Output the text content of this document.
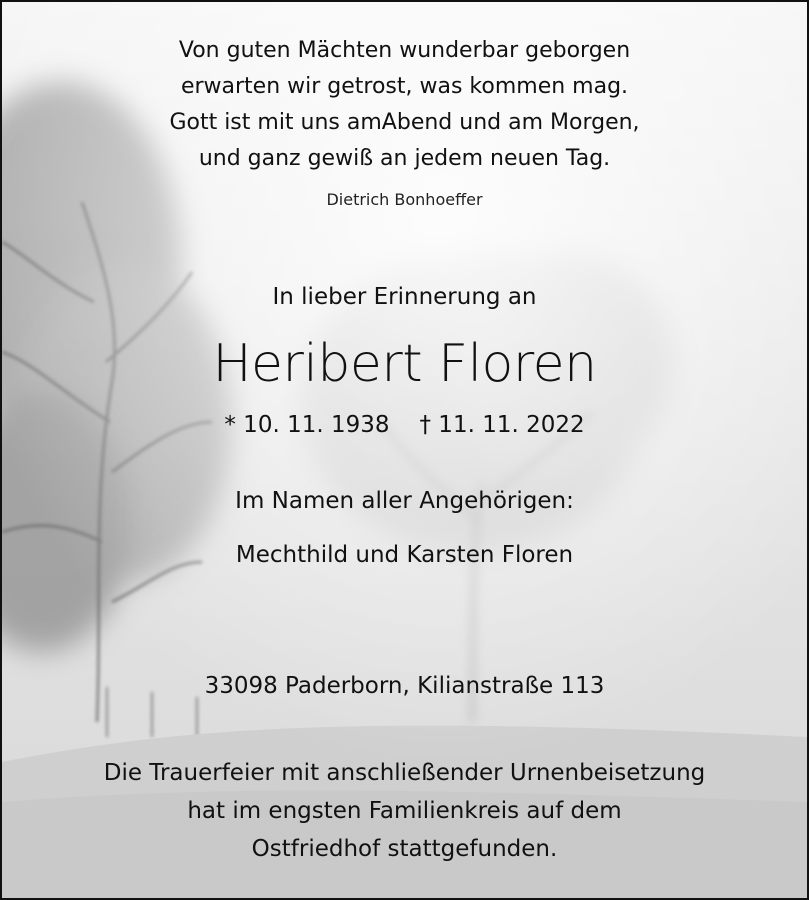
Von guten Mächten wunderbar geborgen
erwarten wir getrost, was kommen mag.
Gott ist mit uns amAbend und am Morgen,
und ganz gewiß an jedem neuen Tag.
Dietrich Bonhoeffer
In lieber Erinnerung an
Heribert Floren
* 10. 11. 1938 † 11. 11. 2022
Im Namen aller Angehörigen:
Mechthild und Karsten Floren
33098 Paderborn, Kilianstraße 113
Die Trauerfeier mit anschließender Urnenbeisetzung
hat im engsten Familienkreis auf dem
Ostfriedhof stattgefunden.
